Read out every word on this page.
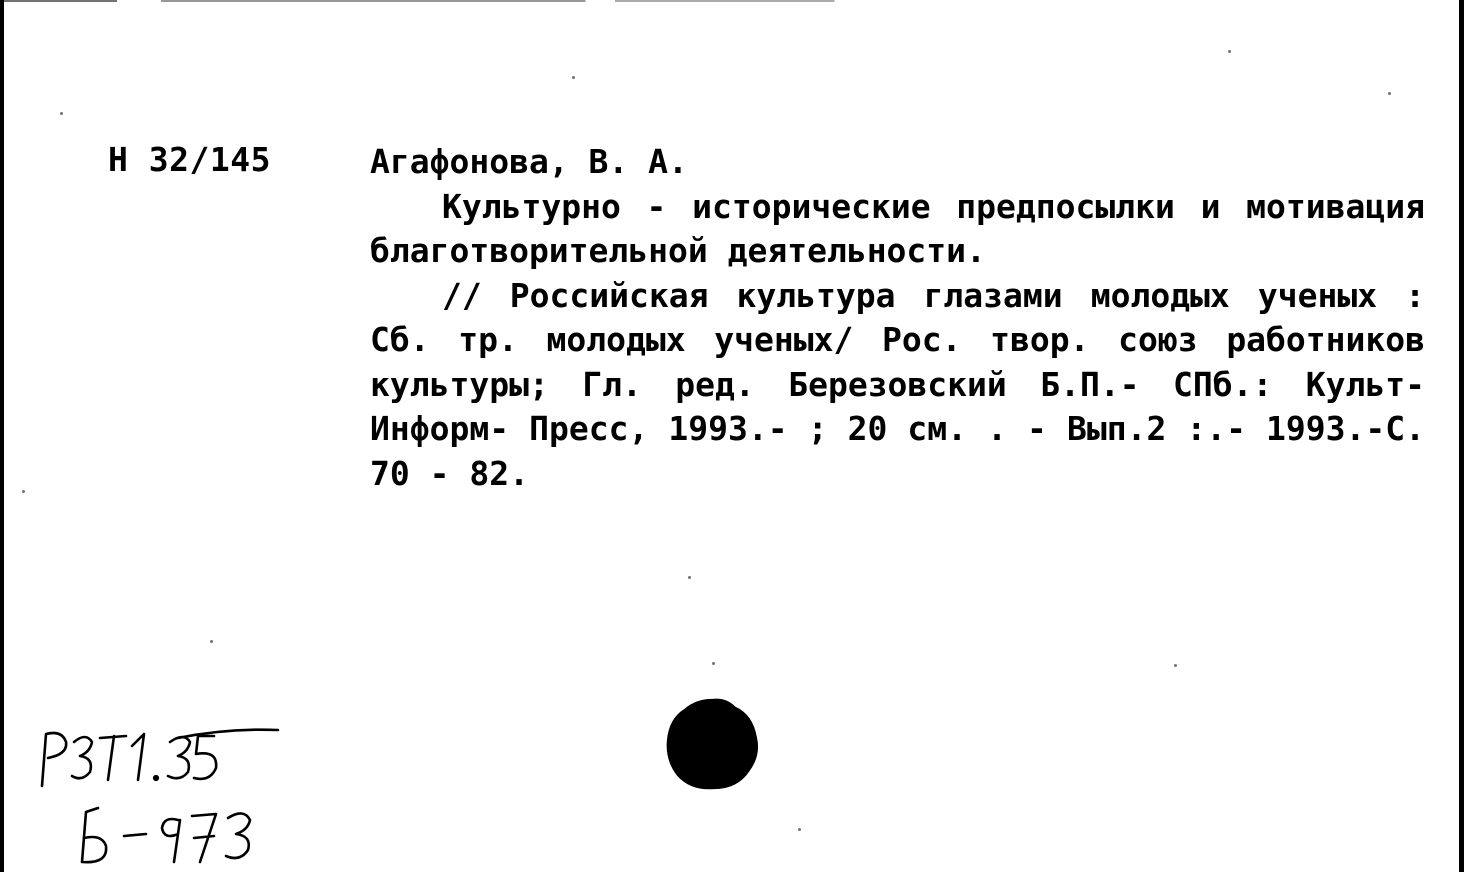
Н 32/145	Агафонова, В. А.

Культурно - исторические предпосылки и мотивация благотворительной деятельности.

// Российская культура глазами молодых ученых : Сб. тр. молодых ученых/ Рос. твор. союз работников культуры; Гл. ред. Березовский Б.П.- СПб.: Культ- Информ- Пресс, 1993.- ; 20 см. . - Вып.2 :.- 1993.-С. 70 - 82.
